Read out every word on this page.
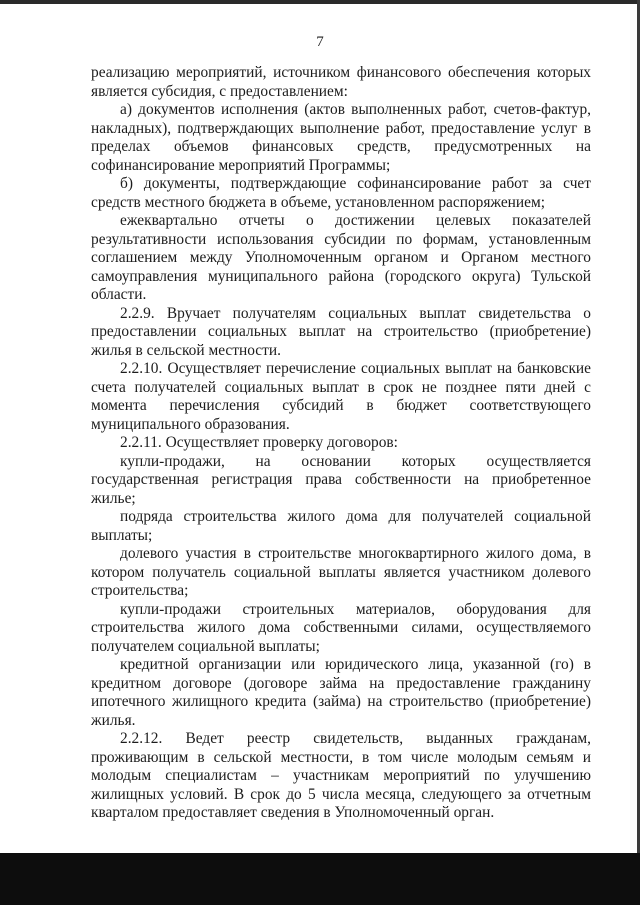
7

реализацию мероприятий, источником финансового обеспечения которых является субсидия, с предоставлением:

а) документов исполнения (актов выполненных работ, счетов-фактур, накладных), подтверждающих выполнение работ, предоставление услуг в пределах объемов финансовых средств, предусмотренных на софинансирование мероприятий Программы;

б) документы, подтверждающие софинансирование работ за счет средств местного бюджета в объеме, установленном распоряжением;

ежеквартально отчеты о достижении целевых показателей результативности использования субсидии по формам, установленным соглашением между Уполномоченным органом и Органом местного самоуправления муниципального района (городского округа) Тульской области.

2.2.9. Вручает получателям социальных выплат свидетельства о предоставлении социальных выплат на строительство (приобретение) жилья в сельской местности.

2.2.10. Осуществляет перечисление социальных выплат на банковские счета получателей социальных выплат в срок не позднее пяти дней с момента перечисления субсидий в бюджет соответствующего муниципального образования.

2.2.11. Осуществляет проверку договоров:

купли-продажи, на основании которых осуществляется государственная регистрация права собственности на приобретенное жилье;

подряда строительства жилого дома для получателей социальной выплаты;

долевого участия в строительстве многоквартирного жилого дома, в котором получатель социальной выплаты является участником долевого строительства;

купли-продажи строительных материалов, оборудования для строительства жилого дома собственными силами, осуществляемого получателем социальной выплаты;

кредитной организации или юридического лица, указанной (го) в кредитном договоре (договоре займа на предоставление гражданину ипотечного жилищного кредита (займа) на строительство (приобретение) жилья.

2.2.12. Ведет реестр свидетельств, выданных гражданам, проживающим в сельской местности, в том числе молодым семьям и молодым специалистам – участникам мероприятий по улучшению жилищных условий. В срок до 5 числа месяца, следующего за отчетным кварталом предоставляет сведения в Уполномоченный орган.
